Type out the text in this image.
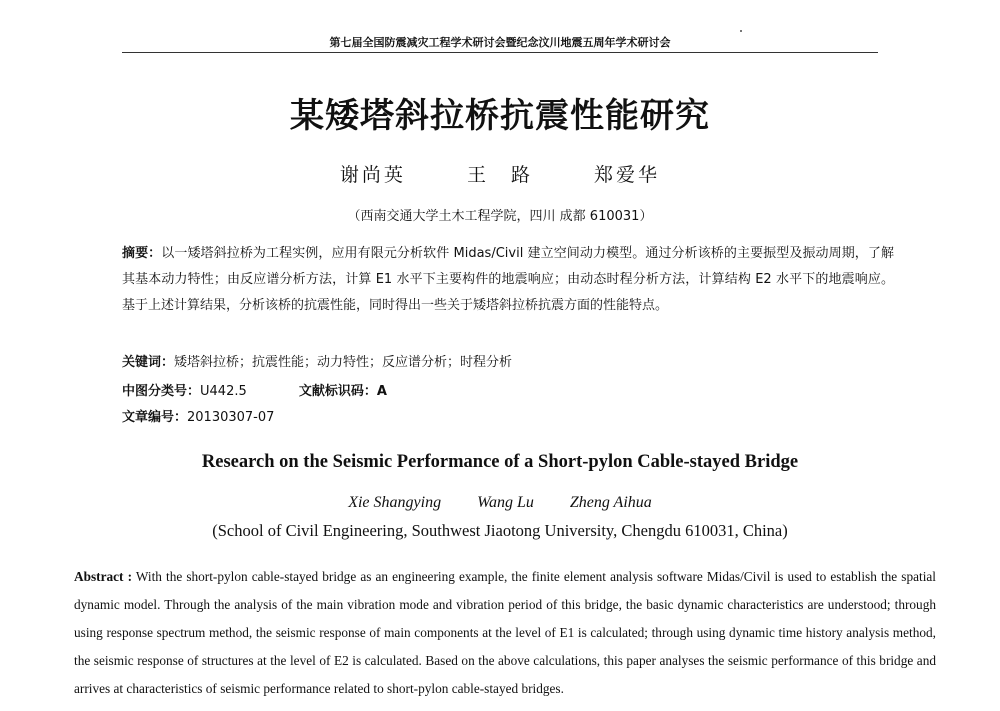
第七届全国防震减灾工程学术研讨会暨纪念汶川地震五周年学术研讨会
某矮塔斜拉桥抗震性能研究
谢尚英	王　路	郑爱华
（西南交通大学土木工程学院，四川 成都 610031）
摘要：以一矮塔斜拉桥为工程实例，应用有限元分析软件 Midas/Civil 建立空间动力模型。通过分析该桥的主要振型及振动周期，了解其基本动力特性；由反应谱分析方法，计算 E1 水平下主要构件的地震响应；由动态时程分析方法，计算结构 E2 水平下的地震响应。基于上述计算结果，分析该桥的抗震性能，同时得出一些关于矮塔斜拉桥抗震方面的性能特点。
关键词：矮塔斜拉桥；抗震性能；动力特性；反应谱分析；时程分析
中图分类号：U442.5	文献标识码：A
文章编号：20130307-07
Research on the Seismic Performance of a Short-pylon Cable-stayed Bridge
Xie Shangying Wang Lu Zheng Aihua
(School of Civil Engineering, Southwest Jiaotong University, Chengdu 610031, China)
Abstract : With the short-pylon cable-stayed bridge as an engineering example, the finite element analysis software Midas/Civil is used to establish the spatial dynamic model. Through the analysis of the main vibration mode and vibration period of this bridge, the basic dynamic characteristics are understood; through using response spectrum method, the seismic response of main components at the level of E1 is calculated; through using dynamic time history analysis method, the seismic response of structures at the level of E2 is calculated. Based on the above calculations, this paper analyses the seismic performance of this bridge and arrives at characteristics of seismic performance related to short-pylon cable-stayed bridges.
